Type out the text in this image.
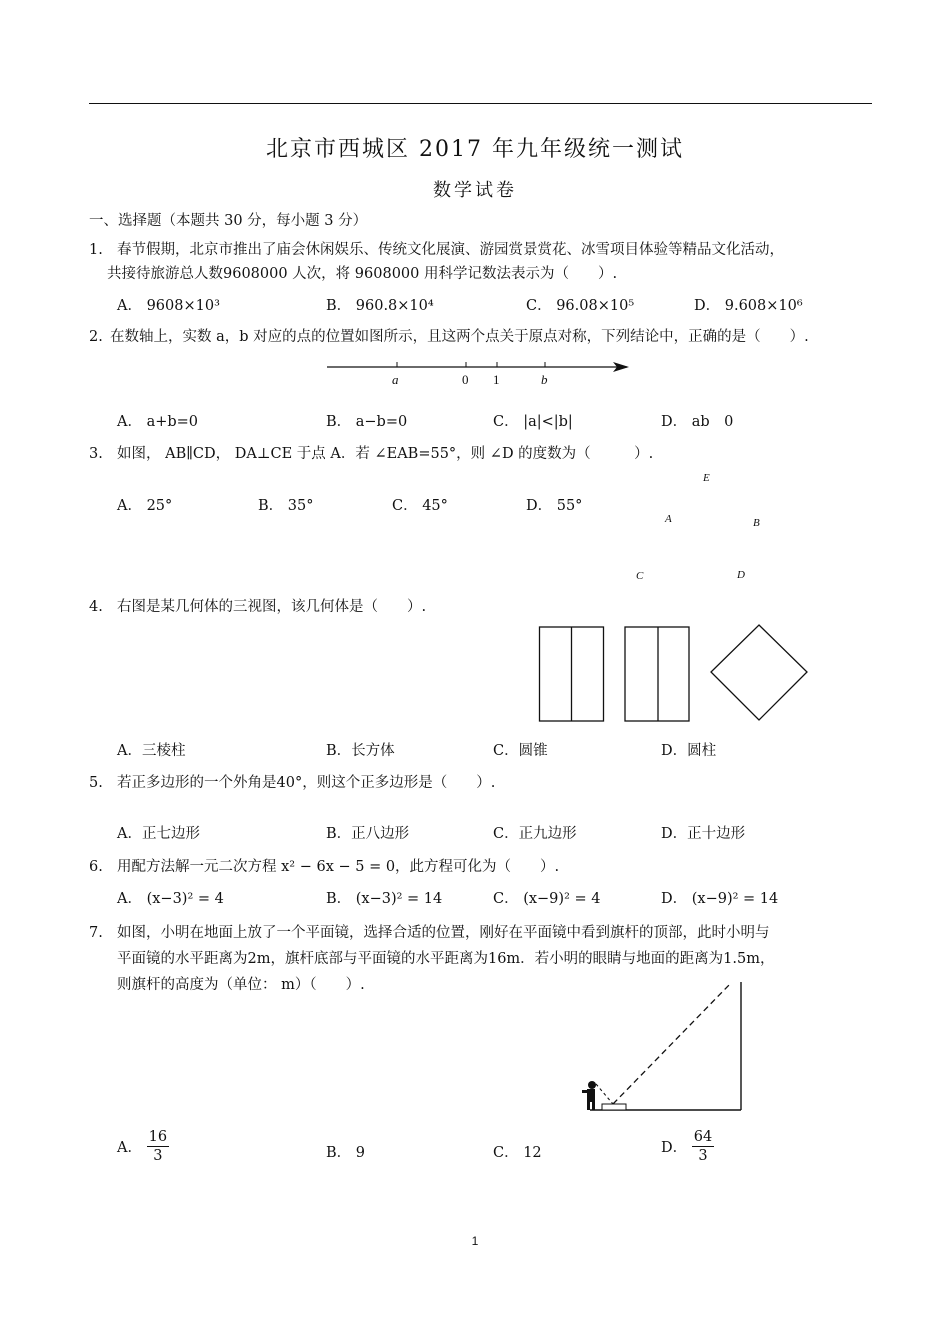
北京市西城区 2017 年九年级统一测试
数学试卷
一、选择题（本题共 30 分，每小题 3 分）
1. 春节假期，北京市推出了庙会休闲娱乐、传统文化展演、游园赏景赏花、冰雪项目体验等精品文化活动，
共接待旅游总人数9608000 人次，将 9608000 用科学记数法表示为（　　）.
A． 9608×10³	B． 960.8×10⁴	C． 96.08×10⁵	D． 9.608×10⁶
2. 在数轴上，实数 a，b 对应的点的位置如图所示，且这两个点关于原点对称，下列结论中，正确的是（　　）.
a	0 1	b
A． a+b=0	B． a−b=0	C． |a|<|b|	D． ab　0
3. 如图， AB∥CD， DA⊥CE 于点 A．若 ∠EAB=55°，则 ∠D 的度数为（　　　）.
A． 25°	B． 35°	C． 45°	D． 55°
E
A	B
C	D
4. 右图是某几何体的三视图，该几何体是（　　）.
A．三棱柱	B．长方体	C．圆锥	D．圆柱
5. 若正多边形的一个外角是40°，则这个正多边形是（　　）.
A．正七边形	B．正八边形	C．正九边形	D．正十边形
6. 用配方法解一元二次方程 x² − 6x − 5 = 0，此方程可化为（　　）.
A． (x−3)² = 4	B． (x−3)² = 14	C． (x−9)² = 4	D． (x−9)² = 14
7. 如图，小明在地面上放了一个平面镜，选择合适的位置，刚好在平面镜中看到旗杆的顶部，此时小明与
平面镜的水平距离为2m，旗杆底部与平面镜的水平距离为16m．若小明的眼睛与地面的距离为1.5m，
则旗杆的高度为（单位： m）（　　）.
A． $\frac{16}{3}$	B． 9	C． 12	D． $\frac{64}{3}$
1
